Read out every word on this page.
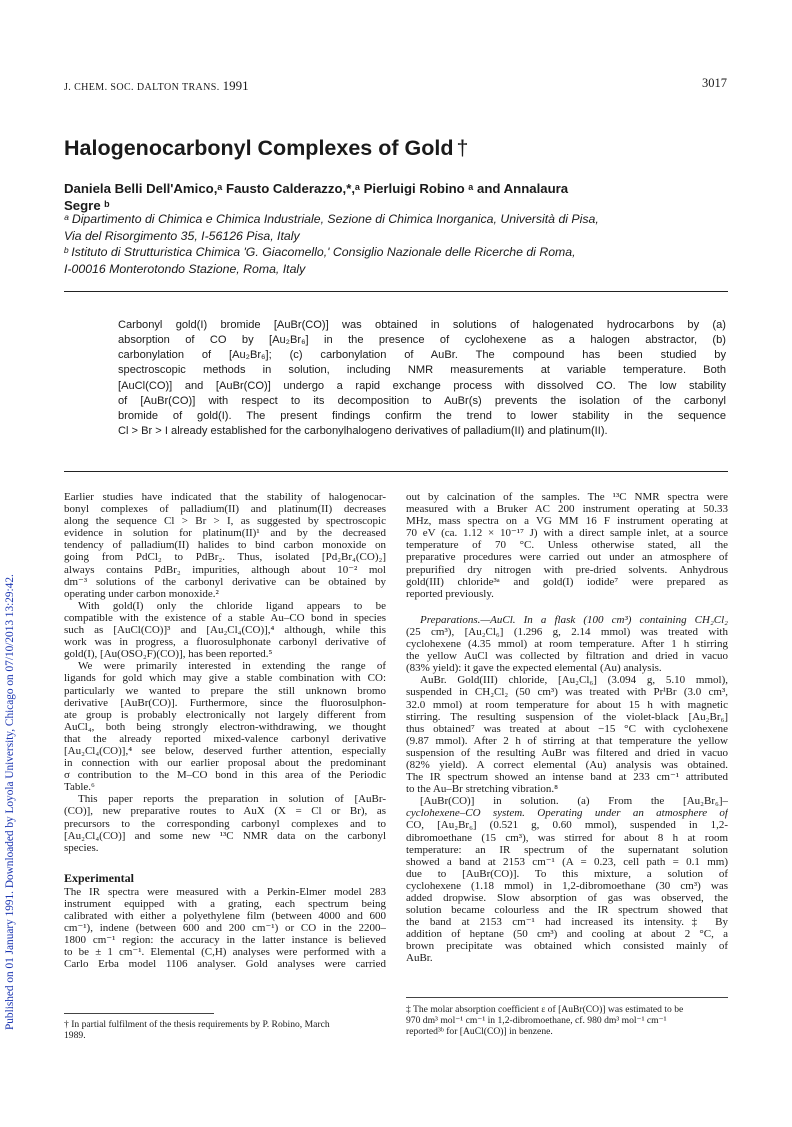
Published on 01 January 1991. Downloaded by Loyola University, Chicago on 07/10/2013 13:29:42.
J. CHEM. SOC. DALTON TRANS. 1991	3017
Halogenocarbonyl Complexes of Gold †
Daniela Belli Dell'Amico,ᵃ Fausto Calderazzo,*,ᵃ Pierluigi Robino ᵃ and Annalaura
Segre ᵇ
ᵃ Dipartimento di Chimica e Chimica Industriale, Sezione di Chimica Inorganica, Università di Pisa,
Via del Risorgimento 35, I-56126 Pisa, Italy
ᵇ Istituto di Strutturistica Chimica 'G. Giacomello,' Consiglio Nazionale delle Ricerche di Roma,
I-00016 Monterotondo Stazione, Roma, Italy
Carbonyl gold(I) bromide [AuBr(CO)] was obtained in solutions of halogenated hydrocarbons by (a)
absorption of CO by [Au₂Br₆] in the presence of cyclohexene as a halogen abstractor, (b)
carbonylation of [Au₂Br₆]; (c) carbonylation of AuBr. The compound has been studied by
spectroscopic methods in solution, including NMR measurements at variable temperature. Both
[AuCl(CO)] and [AuBr(CO)] undergo a rapid exchange process with dissolved CO. The low stability
of [AuBr(CO)] with respect to its decomposition to AuBr(s) prevents the isolation of the carbonyl
bromide of gold(I). The present findings confirm the trend to lower stability in the sequence
Cl > Br > I already established for the carbonylhalogeno derivatives of palladium(II) and platinum(II).

Earlier studies have indicated that the stability of halogenocar-
bonyl complexes of palladium(II) and platinum(II) decreases
along the sequence Cl > Br > I, as suggested by spectroscopic
evidence in solution for platinum(II)¹ and by the decreased
tendency of palladium(II) halides to bind carbon monoxide on
going from PdCl₂ to PdBr₂. Thus, isolated [Pd₂Br₄(CO)₂]
always contains PdBr₂ impurities, although about 10⁻² mol
dm⁻³ solutions of the carbonyl derivative can be obtained by
operating under carbon monoxide.²

With gold(I) only the chloride ligand appears to be
compatible with the existence of a stable Au–CO bond in species
such as [AuCl(CO)]³ and [Au₂Cl₄(CO)],⁴ although, while this
work was in progress, a fluorosulphonate carbonyl derivative of
gold(I), [Au(OSO₂F)(CO)], has been reported.⁵

We were primarily interested in extending the range of
ligands for gold which may give a stable combination with CO:
particularly we wanted to prepare the still unknown bromo
derivative [AuBr(CO)]. Furthermore, since the fluorosulphon-
ate group is probably electronically not largely different from
AuCl₄, both being strongly electron-withdrawing, we thought
that the already reported mixed-valence carbonyl derivative
[Au₂Cl₄(CO)],⁴ see below, deserved further attention, especially
in connection with our earlier proposal about the predominant
σ contribution to the M–CO bond in this area of the Periodic
Table.⁶

This paper reports the preparation in solution of [AuBr-
(CO)], new preparative routes to AuX (X = Cl or Br), as
precursors to the corresponding carbonyl complexes and to
[Au₂Cl₄(CO)] and some new ¹³C NMR data on the carbonyl
species.

Experimental

The IR spectra were measured with a Perkin-Elmer model 283
instrument equipped with a grating, each spectrum being
calibrated with either a polyethylene film (between 4000 and 600
cm⁻¹), indene (between 600 and 200 cm⁻¹) or CO in the 2200–
1800 cm⁻¹ region: the accuracy in the latter instance is believed
to be ± 1 cm⁻¹. Elemental (C,H) analyses were performed with a
Carlo Erba model 1106 analyser. Gold analyses were carried

† In partial fulfilment of the thesis requirements by P. Robino, March
1989.

out by calcination of the samples. The ¹³C NMR spectra were
measured with a Bruker AC 200 instrument operating at 50.33
MHz, mass spectra on a VG MM 16 F instrument operating at
70 eV (ca. 1.12 × 10⁻¹⁷ J) with a direct sample inlet, at a source
temperature of 70 °C. Unless otherwise stated, all the
preparative procedures were carried out under an atmosphere of
prepurified dry nitrogen with pre-dried solvents. Anhydrous
gold(III) chloride³ᵃ and gold(I) iodide⁷ were prepared as
reported previously.

Preparations.—AuCl. In a flask (100 cm³) containing CH₂Cl₂
(25 cm³), [Au₂Cl₆] (1.296 g, 2.14 mmol) was treated with
cyclohexene (4.35 mmol) at room temperature. After 1 h stirring
the yellow AuCl was collected by filtration and dried in vacuo
(83% yield): it gave the expected elemental (Au) analysis.

AuBr. Gold(III) chloride, [Au₂Cl₆] (3.094 g, 5.10 mmol),
suspended in CH₂Cl₂ (50 cm³) was treated with PrⁱBr (3.0 cm³,
32.0 mmol) at room temperature for about 15 h with magnetic
stirring. The resulting suspension of the violet-black [Au₂Br₆]
thus obtained⁷ was treated at about −15 °C with cyclohexene
(9.87 mmol). After 2 h of stirring at that temperature the yellow
suspension of the resulting AuBr was filtered and dried in vacuo
(82% yield). A correct elemental (Au) analysis was obtained.
The IR spectrum showed an intense band at 233 cm⁻¹ attributed
to the Au–Br stretching vibration.⁸

[AuBr(CO)] in solution. (a) From the [Au₂Br₆]–
cyclohexene–CO system. Operating under an atmosphere of
CO, [Au₂Br₆] (0.521 g, 0.60 mmol), suspended in 1,2-
dibromoethane (15 cm³), was stirred for about 8 h at room
temperature: an IR spectrum of the supernatant solution
showed a band at 2153 cm⁻¹ (A = 0.23, cell path = 0.1 mm)
due to [AuBr(CO)]. To this mixture, a solution of
cyclohexene (1.18 mmol) in 1,2-dibromoethane (30 cm³) was
added dropwise. Slow absorption of gas was observed, the
solution became colourless and the IR spectrum showed that
the band at 2153 cm⁻¹ had increased its intensity.‡ By
addition of heptane (50 cm³) and cooling at about 2 °C, a
brown precipitate was obtained which consisted mainly of
AuBr.

‡ The molar absorption coefficient ε of [AuBr(CO)] was estimated to be
970 dm³ mol⁻¹ cm⁻¹ in 1,2-dibromoethane, cf. 980 dm³ mol⁻¹ cm⁻¹
reported³ᵇ for [AuCl(CO)] in benzene.
